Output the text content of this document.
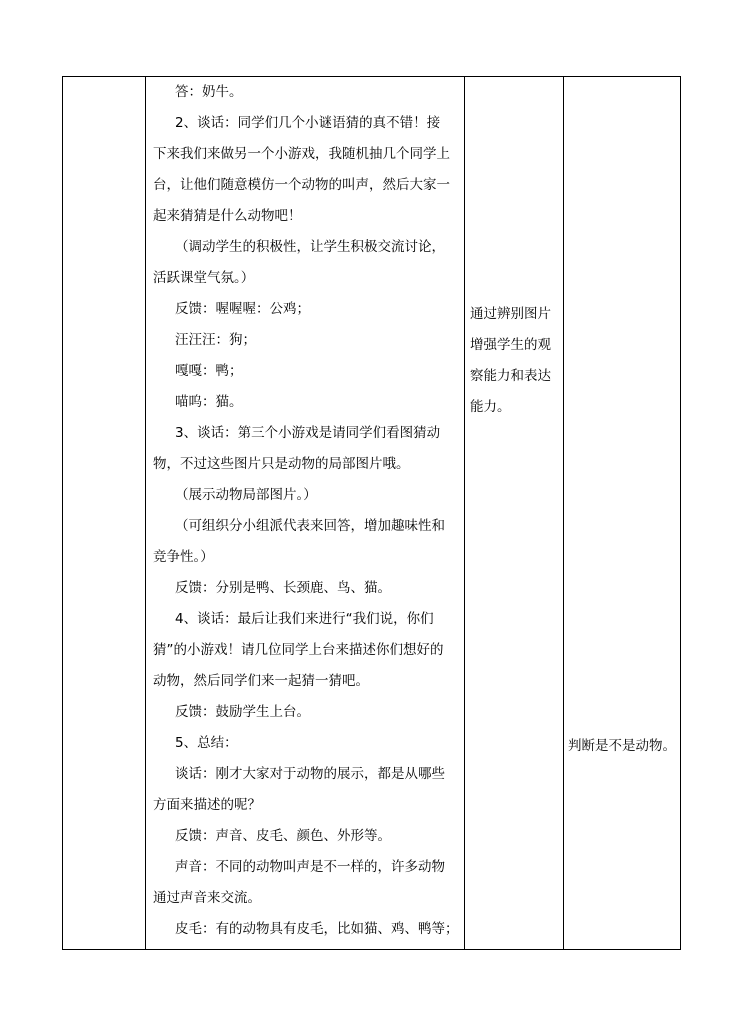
答：奶牛。
2、谈话：同学们几个小谜语猜的真不错！接
下来我们来做另一个小游戏，我随机抽几个同学上
台，让他们随意模仿一个动物的叫声，然后大家一
起来猜猜是什么动物吧！
（调动学生的积极性，让学生积极交流讨论，
活跃课堂气氛。）
反馈：喔喔喔：公鸡；
汪汪汪：狗；
嘎嘎：鸭；
喵呜：猫。
3、谈话：第三个小游戏是请同学们看图猜动
物，不过这些图片只是动物的局部图片哦。
（展示动物局部图片。）
（可组织分小组派代表来回答，增加趣味性和
竞争性。）
反馈：分别是鸭、长颈鹿、鸟、猫。
4、谈话：最后让我们来进行“我们说，你们
猜”的小游戏！请几位同学上台来描述你们想好的
动物，然后同学们来一起猜一猜吧。
反馈：鼓励学生上台。
5、总结：
谈话：刚才大家对于动物的展示，都是从哪些
方面来描述的呢？
反馈：声音、皮毛、颜色、外形等。
声音：不同的动物叫声是不一样的，许多动物
通过声音来交流。
皮毛：有的动物具有皮毛，比如猫、鸡、鸭等；
通过辨别图片
增强学生的观
察能力和表达
能力。
判断是不是动物。
